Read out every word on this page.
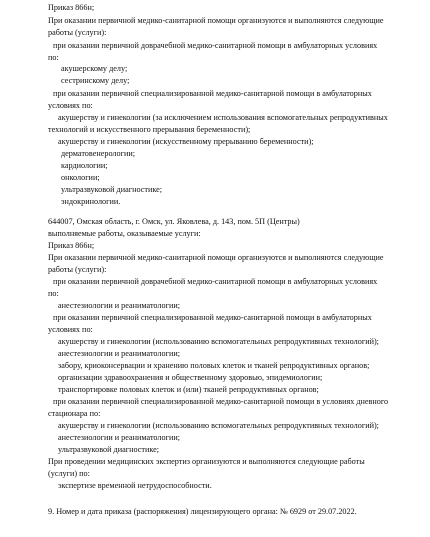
Приказ 866н;
При оказании первичной медико-санитарной помощи организуются и выполняются следующие
работы (услуги):
при оказании первичной доврачебной медико-санитарной помощи в амбулаторных условиях
по:
акушерскому делу;
сестринскому делу;
при оказании первичной специализированной медико-санитарной помощи в амбулаторных
условиях по:
акушерству и гинекологии (за исключением использования вспомогательных репродуктивных
технологий и искусственного прерывания беременности);
акушерству и гинекологии (искусственному прерыванию беременности);
дерматовенерологии;
кардиологии;
онкологии;
ультразвуковой диагностике;
эндокринологии.
644007, Омская область, г. Омск, ул. Яковлева, д. 143, пом. 5П (Центры)
выполняемые работы, оказываемые услуги:
Приказ 866н;
При оказании первичной медико-санитарной помощи организуются и выполняются следующие
работы (услуги):
при оказании первичной доврачебной медико-санитарной помощи в амбулаторных условиях
по:
анестезиологии и реаниматологии;
при оказании первичной специализированной медико-санитарной помощи в амбулаторных
условиях по:
акушерству и гинекологии (использованию вспомогательных репродуктивных технологий);
анестезиологии и реаниматологии;
забору, криоконсервации и хранению половых клеток и тканей репродуктивных органов;
организации здравоохранения и общественному здоровью, эпидемиологии;
транспортировке половых клеток и (или) тканей репродуктивных органов;
при оказании первичной специализированной медико-санитарной помощи в условиях дневного
стационара по:
акушерству и гинекологии (использованию вспомогательных репродуктивных технологий);
анестезиологии и реаниматологии;
ультразвуковой диагностике;
При проведении медицинских экспертиз организуются и выполняются следующие работы
(услуги) по:
экспертизе временной нетрудоспособности.
9. Номер и дата приказа (распоряжения) лицензирующего органа: № 6929 от 29.07.2022.
